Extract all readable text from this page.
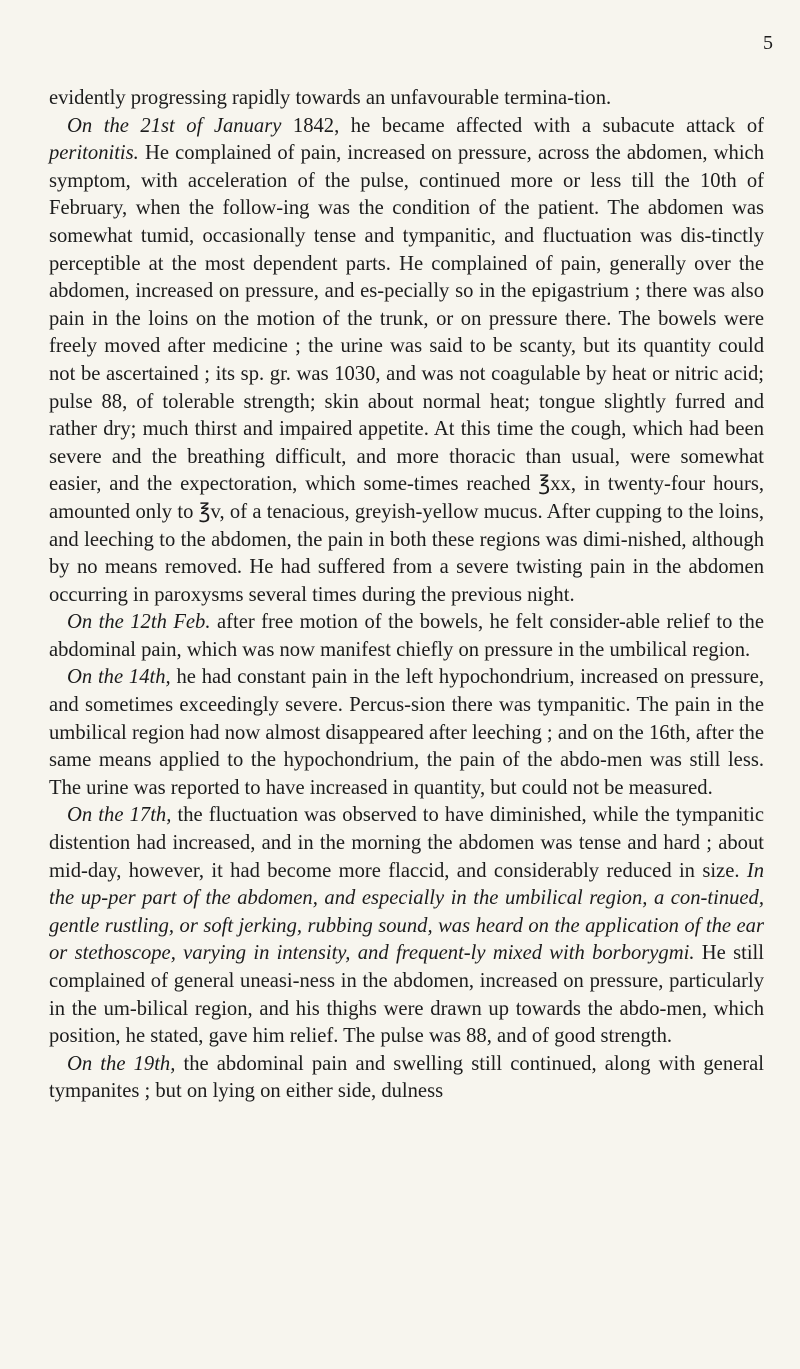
5

evidently progressing rapidly towards an unfavourable termina-tion.

On the 21st of January 1842, he became affected with a subacute attack of peritonitis. He complained of pain, increased on pressure, across the abdomen, which symptom, with acceleration of the pulse, continued more or less till the 10th of February, when the follow-ing was the condition of the patient. The abdomen was somewhat tumid, occasionally tense and tympanitic, and fluctuation was dis-tinctly perceptible at the most dependent parts. He complained of pain, generally over the abdomen, increased on pressure, and es-pecially so in the epigastrium ; there was also pain in the loins on the motion of the trunk, or on pressure there. The bowels were freely moved after medicine ; the urine was said to be scanty, but its quantity could not be ascertained ; its sp. gr. was 1030, and was not coagulable by heat or nitric acid; pulse 88, of tolerable strength; skin about normal heat; tongue slightly furred and rather dry; much thirst and impaired appetite. At this time the cough, which had been severe and the breathing difficult, and more thoracic than usual, were somewhat easier, and the expectoration, which some-times reached ℥xx, in twenty-four hours, amounted only to ℥v, of a tenacious, greyish-yellow mucus. After cupping to the loins, and leeching to the abdomen, the pain in both these regions was dimi-nished, although by no means removed. He had suffered from a severe twisting pain in the abdomen occurring in paroxysms several times during the previous night.

On the 12th Feb. after free motion of the bowels, he felt consider-able relief to the abdominal pain, which was now manifest chiefly on pressure in the umbilical region.

On the 14th, he had constant pain in the left hypochondrium, increased on pressure, and sometimes exceedingly severe. Percus-sion there was tympanitic. The pain in the umbilical region had now almost disappeared after leeching ; and on the 16th, after the same means applied to the hypochondrium, the pain of the abdo-men was still less. The urine was reported to have increased in quantity, but could not be measured.

On the 17th, the fluctuation was observed to have diminished, while the tympanitic distention had increased, and in the morning the abdomen was tense and hard ; about mid-day, however, it had become more flaccid, and considerably reduced in size. In the up-per part of the abdomen, and especially in the umbilical region, a con-tinued, gentle rustling, or soft jerking, rubbing sound, was heard on the application of the ear or stethoscope, varying in intensity, and frequent-ly mixed with borborygmi. He still complained of general uneasi-ness in the abdomen, increased on pressure, particularly in the um-bilical region, and his thighs were drawn up towards the abdo-men, which position, he stated, gave him relief. The pulse was 88, and of good strength.

On the 19th, the abdominal pain and swelling still continued, along with general tympanites ; but on lying on either side, dulness
